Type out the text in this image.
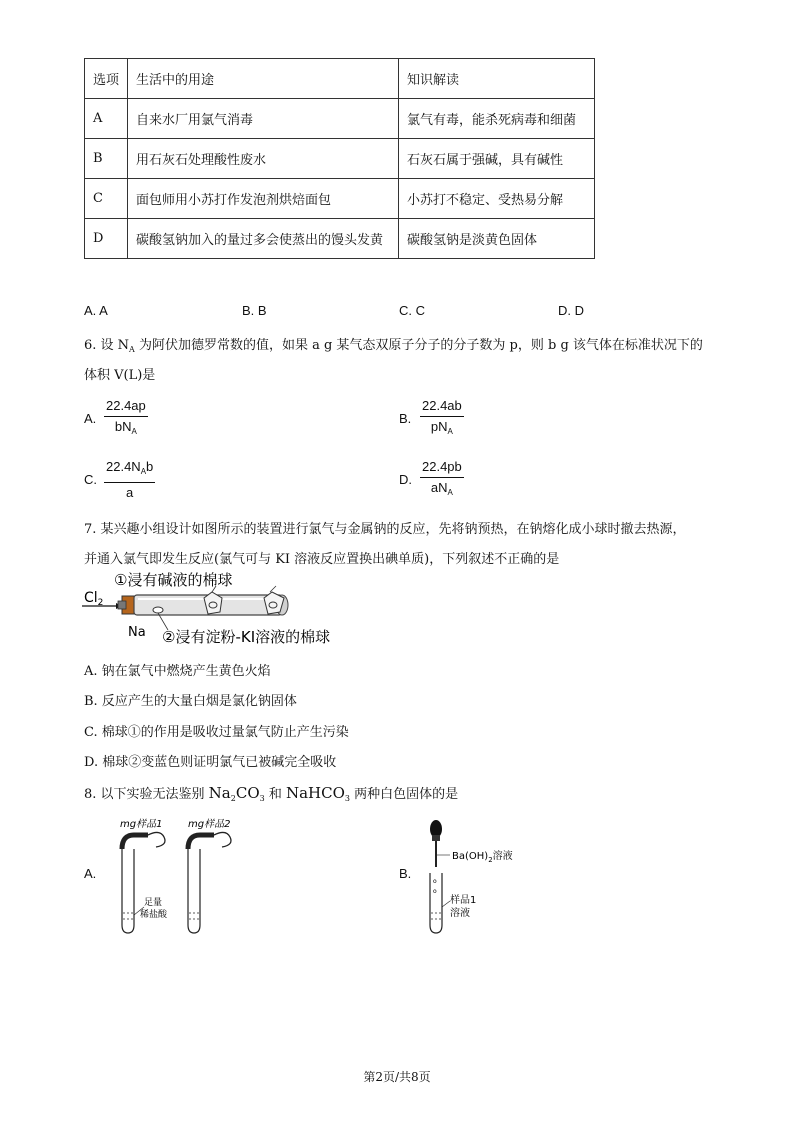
选项	生活中的用途	知识解读
A	自来水厂用氯气消毒	氯气有毒，能杀死病毒和细菌
B	用石灰石处理酸性废水	石灰石属于强碱，具有碱性
C	面包师用小苏打作发泡剂烘焙面包	小苏打不稳定、受热易分解
D	碳酸氢钠加入的量过多会使蒸出的馒头发黄	碳酸氢钠是淡黄色固体
A. A	B. B	C. C	D. D
6. 设 $N_A$ 为阿伏加德罗常数的值，如果 a g 某气态双原子分子的分子数为 p，则 b g 该气体在标准状况下的
体积 V(L)是
A.
22.4ap
$bN_A$
B.
22.4ab
$pN_A$
C.
$22.4N_Ab$
a
D.
22.4pb
$aN_A$
7. 某兴趣小组设计如图所示的装置进行氯气与金属钠的反应，先将钠预热，在钠熔化成小球时撤去热源，
并通入氯气即发生反应(氯气可与 KI 溶液反应置换出碘单质)，下列叙述不正确的是
$Cl_2$
①浸有碱液的棉球
Na ②浸有淀粉-KI溶液的棉球
A. 钠在氯气中燃烧产生黄色火焰
B. 反应产生的大量白烟是氯化钠固体
C. 棉球①的作用是吸收过量氯气防止产生污染
D. 棉球②变蓝色则证明氯气已被碱完全吸收
8. 以下实验无法鉴别 $Na_2CO_3$ 和 NaHCO$_3$ 两种白色固体的是
A.
mg样品1	mg样品2
足量
稀盐酸
B.
$Ba(OH)_2$溶液
ο
ο
样品1
溶液
第2页/共8页
